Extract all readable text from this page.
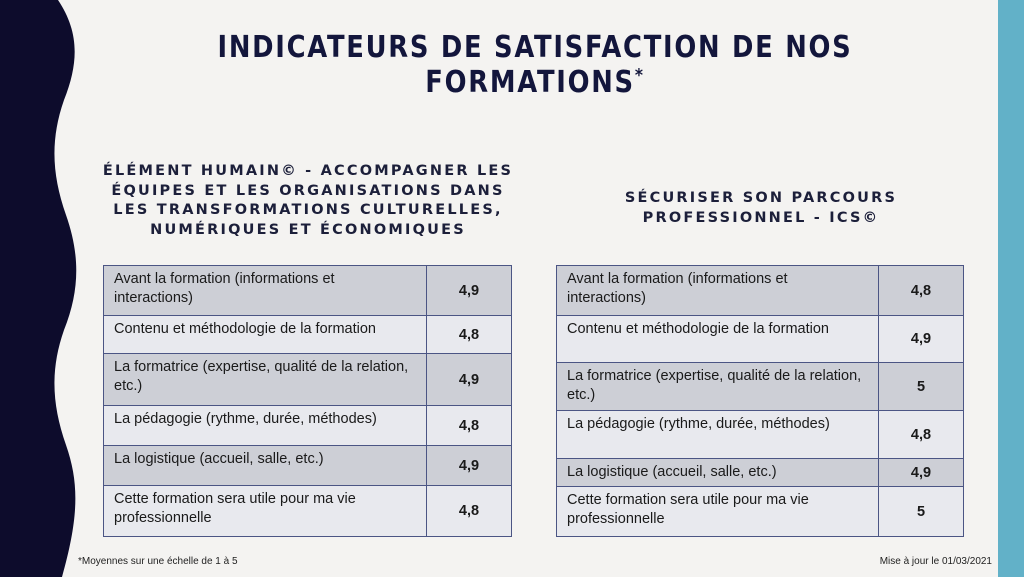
INDICATEURS DE SATISFACTION DE NOS FORMATIONS*
ÉLÉMENT HUMAIN© - ACCOMPAGNER LES ÉQUIPES ET LES ORGANISATIONS DANS LES TRANSFORMATIONS CULTURELLES, NUMÉRIQUES ET ÉCONOMIQUES
SÉCURISER SON PARCOURS PROFESSIONNEL - ICS©
Avant la formation (informations et interactions)	4,9
Contenu et méthodologie de la formation	4,8
La formatrice (expertise, qualité de la relation, etc.)	4,9
La pédagogie (rythme, durée, méthodes)	4,8
La logistique (accueil, salle, etc.)	4,9
Cette formation sera utile pour ma vie professionnelle	4,8
Avant la formation (informations et interactions)	4,8
Contenu et méthodologie de la formation	4,9
La formatrice (expertise, qualité de la relation, etc.)	5
La pédagogie (rythme, durée, méthodes)	4,8
La logistique (accueil, salle, etc.)	4,9
Cette formation sera utile pour ma vie professionnelle	5
*Moyennes sur une échelle de 1 à 5	Mise à jour le 01/03/2021
